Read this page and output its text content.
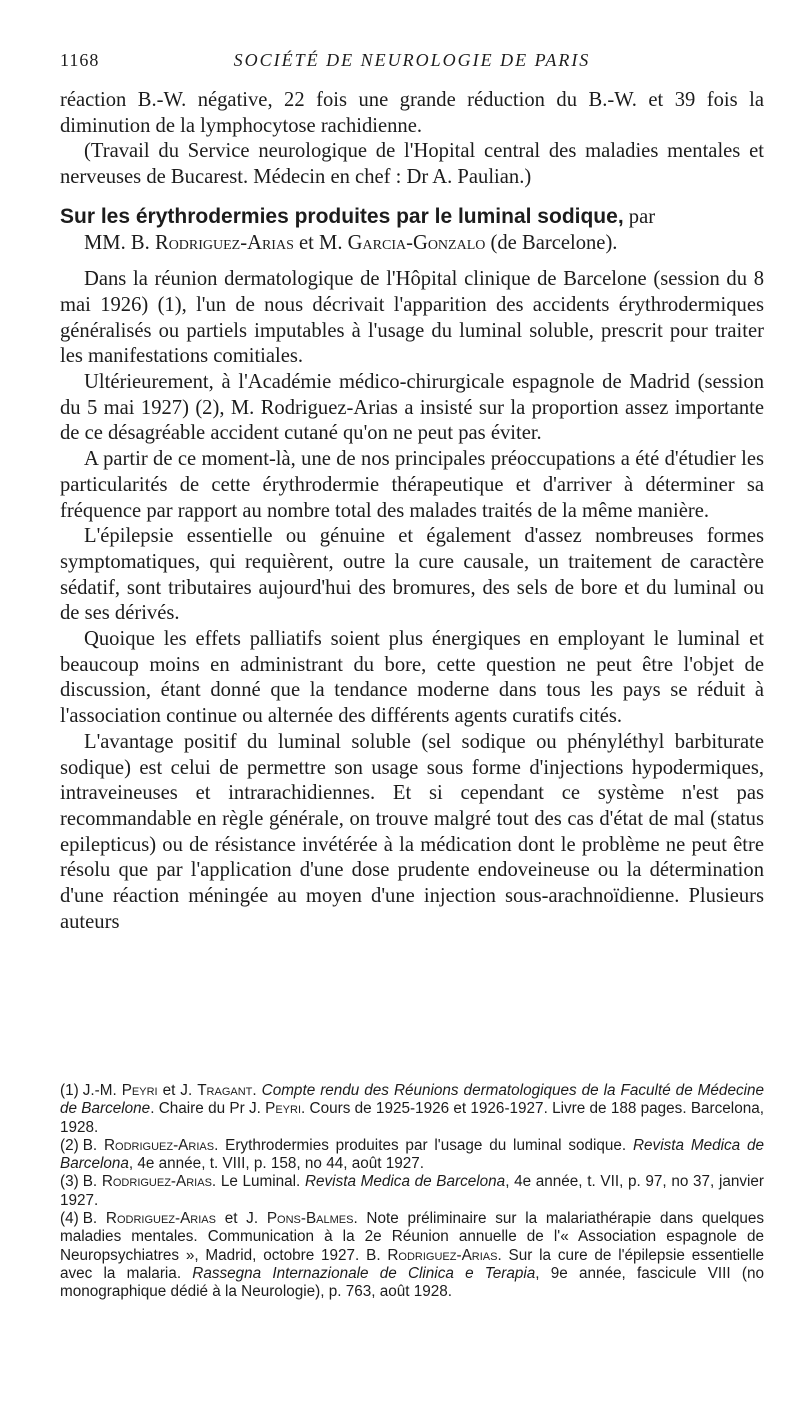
1168	SOCIÉTÉ DE NEUROLOGIE DE PARIS

réaction B.-W. négative, 22 fois une grande réduction du B.-W. et 39 fois la diminution de la lymphocytose rachidienne.

(Travail du Service neurologique de l'Hopital central des maladies mentales et nerveuses de Bucarest. Médecin en chef : Dr A. Paulian.)

Sur les érythrodermies produites par le luminal sodique, par
MM. B. Rodriguez-Arias et M. Garcia-Gonzalo (de Barcelone).

Dans la réunion dermatologique de l'Hôpital clinique de Barcelone (session du 8 mai 1926) (1), l'un de nous décrivait l'apparition des accidents érythrodermiques généralisés ou partiels imputables à l'usage du luminal soluble, prescrit pour traiter les manifestations comitiales.

Ultérieurement, à l'Académie médico-chirurgicale espagnole de Madrid (session du 5 mai 1927) (2), M. Rodriguez-Arias a insisté sur la proportion assez importante de ce désagréable accident cutané qu'on ne peut pas éviter.

A partir de ce moment-là, une de nos principales préoccupations a été d'étudier les particularités de cette érythrodermie thérapeutique et d'arriver à déterminer sa fréquence par rapport au nombre total des malades traités de la même manière.

L'épilepsie essentielle ou génuine et également d'assez nombreuses formes symptomatiques, qui requièrent, outre la cure causale, un traitement de caractère sédatif, sont tributaires aujourd'hui des bromures, des sels de bore et du luminal ou de ses dérivés.

Quoique les effets palliatifs soient plus énergiques en employant le luminal et beaucoup moins en administrant du bore, cette question ne peut être l'objet de discussion, étant donné que la tendance moderne dans tous les pays se réduit à l'association continue ou alternée des différents agents curatifs cités.

L'avantage positif du luminal soluble (sel sodique ou phényléthyl barbiturate sodique) est celui de permettre son usage sous forme d'injections hypodermiques, intraveineuses et intrarachidiennes. Et si cependant ce système n'est pas recommandable en règle générale, on trouve malgré tout des cas d'état de mal (status epilepticus) ou de résistance invétérée à la médication dont le problème ne peut être résolu que par l'application d'une dose prudente endoveineuse ou la détermination d'une réaction méningée au moyen d'une injection sous-arachnoïdienne. Plusieurs auteurs

(1) J.-M. Peyri et J. Tragant. Compte rendu des Réunions dermatologiques de la Faculté de Médecine de Barcelone. Chaire du Pr J. Peyri. Cours de 1925-1926 et 1926-1927. Livre de 188 pages. Barcelona, 1928.

(2) B. Rodriguez-Arias. Erythrodermies produites par l'usage du luminal sodique. Revista Medica de Barcelona, 4e année, t. VIII, p. 158, no 44, août 1927.

(3) B. Rodriguez-Arias. Le Luminal. Revista Medica de Barcelona, 4e année, t. VII, p. 97, no 37, janvier 1927.

(4) B. Rodriguez-Arias et J. Pons-Balmes. Note préliminaire sur la malariathérapie dans quelques maladies mentales. Communication à la 2e Réunion annuelle de l'« Association espagnole de Neuropsychiatres », Madrid, octobre 1927. B. Rodriguez-Arias. Sur la cure de l'épilepsie essentielle avec la malaria. Rassegna Internazionale de Clinica e Terapia, 9e année, fascicule VIII (no monographique dédié à la Neurologie), p. 763, août 1928.
